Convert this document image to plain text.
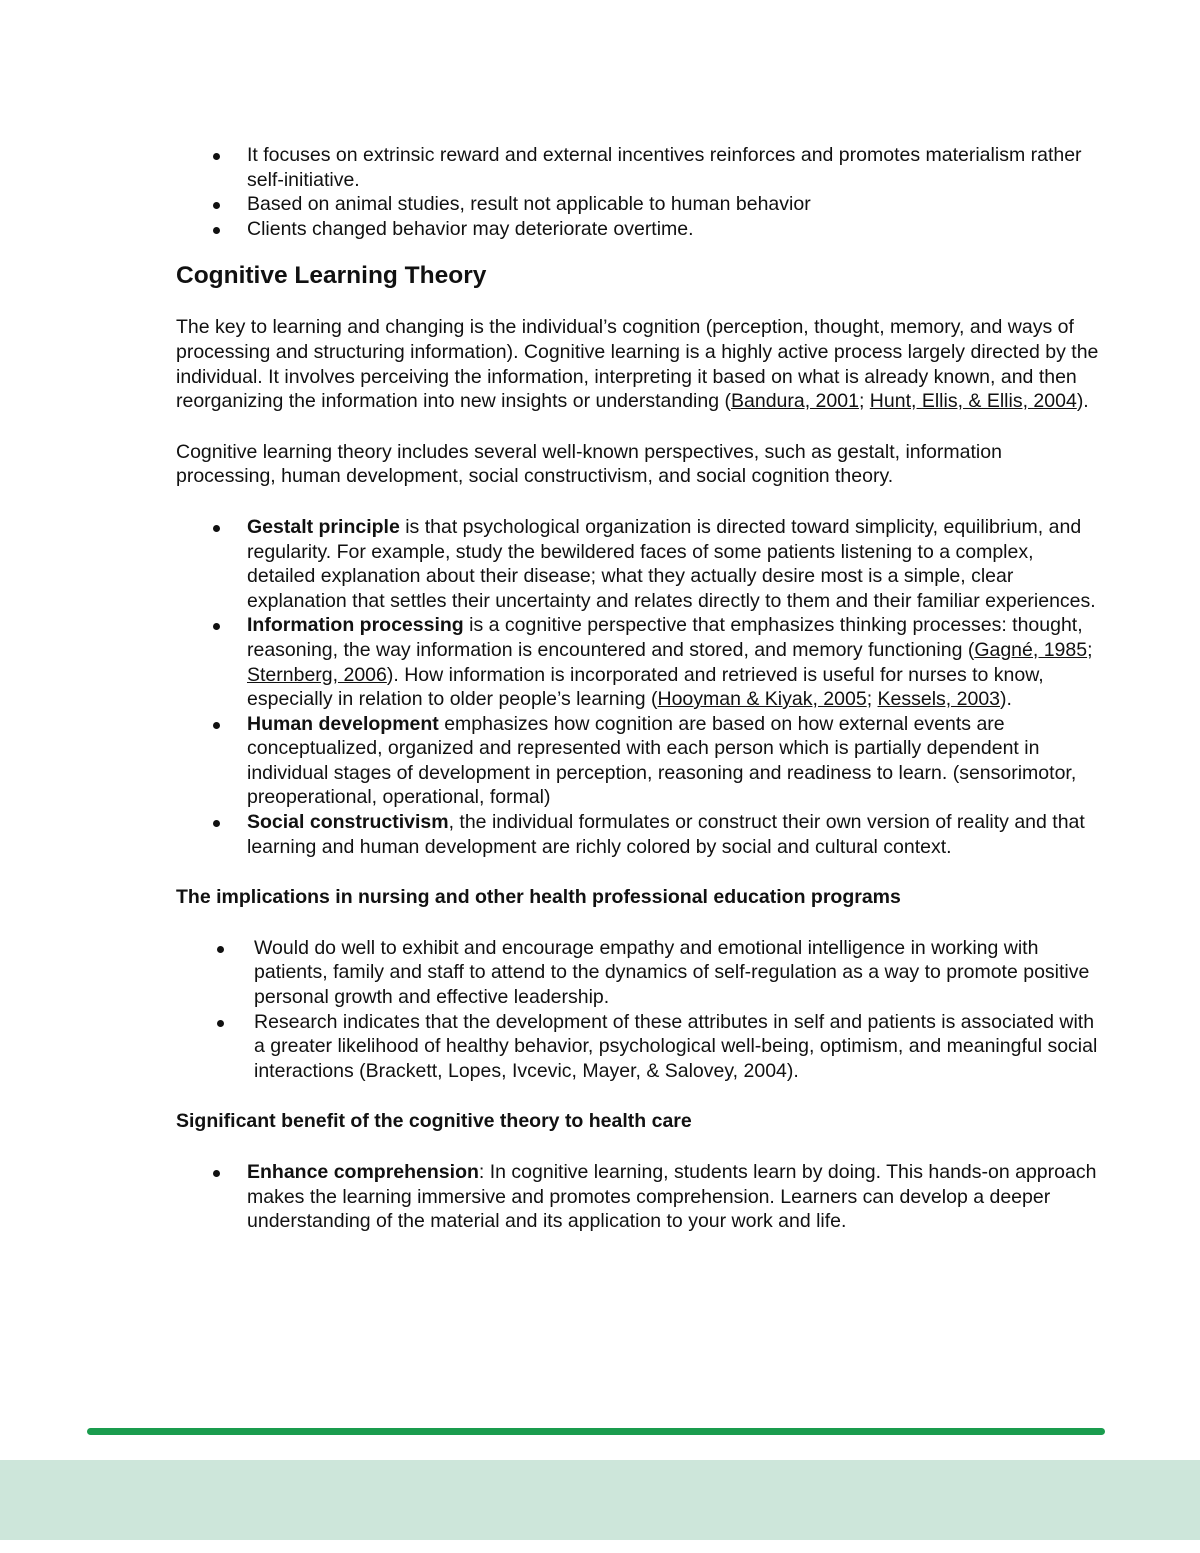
It focuses on extrinsic reward and external incentives reinforces and promotes materialism rather self-initiative.
Based on animal studies, result not applicable to human behavior
Clients changed behavior may deteriorate overtime.
Cognitive Learning Theory

The key to learning and changing is the individual’s cognition (perception, thought, memory, and ways of processing and structuring information). Cognitive learning is a highly active process largely directed by the individual. It involves perceiving the information, interpreting it based on what is already known, and then reorganizing the information into new insights or understanding (Bandura, 2001; Hunt, Ellis, & Ellis, 2004).

Cognitive learning theory includes several well-known perspectives, such as gestalt, information processing, human development, social constructivism, and social cognition theory.

Gestalt principle is that psychological organization is directed toward simplicity, equilibrium, and regularity. For example, study the bewildered faces of some patients listening to a complex, detailed explanation about their disease; what they actually desire most is a simple, clear explanation that settles their uncertainty and relates directly to them and their familiar experiences.
Information processing is a cognitive perspective that emphasizes thinking processes: thought, reasoning, the way information is encountered and stored, and memory functioning (Gagné, 1985; Sternberg, 2006). How information is incorporated and retrieved is useful for nurses to know, especially in relation to older people’s learning (Hooyman & Kiyak, 2005; Kessels, 2003).
Human development emphasizes how cognition are based on how external events are conceptualized, organized and represented with each person which is partially dependent in individual stages of development in perception, reasoning and readiness to learn. (sensorimotor, preoperational, operational, formal)
Social constructivism, the individual formulates or construct their own version of reality and that learning and human development are richly colored by social and cultural context.

The implications in nursing and other health professional education programs

Would do well to exhibit and encourage empathy and emotional intelligence in working with patients, family and staff to attend to the dynamics of self-regulation as a way to promote positive personal growth and effective leadership.
Research indicates that the development of these attributes in self and patients is associated with a greater likelihood of healthy behavior, psychological well-being, optimism, and meaningful social interactions (Brackett, Lopes, Ivcevic, Mayer, & Salovey, 2004).

Significant benefit of the cognitive theory to health care

Enhance comprehension: In cognitive learning, students learn by doing. This hands-on approach makes the learning immersive and promotes comprehension. Learners can develop a deeper understanding of the material and its application to your work and life.
